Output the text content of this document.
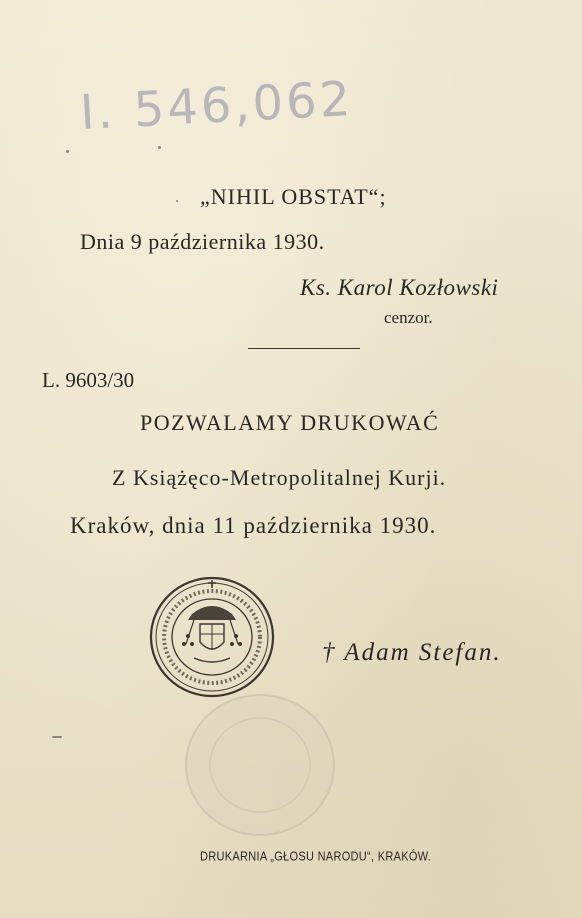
I. 546,062
„NIHIL OBSTAT“;
Dnia 9 października 1930.
Ks. Karol Kozłowski
cenzor.
L. 9603/30
POZWALAMY DRUKOWAĆ
Z Książęco-Metropolitalnej Kurji.
Kraków, dnia 11 października 1930.
† Adam Stefan.
DRUKARNIA „GŁOSU NARODU“, KRAKÓW.
